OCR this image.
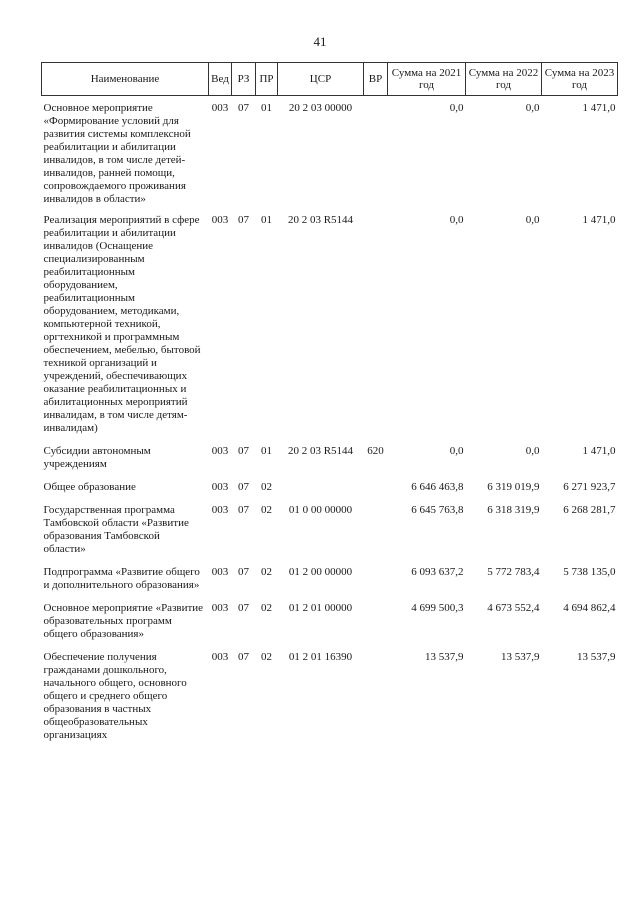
41
Наименование	Вед	РЗ	ПР	ЦСР	ВР	Сумма на 2021 год	Сумма на 2022 год	Сумма на 2023 год
Основное мероприятие «Формирование условий для развития системы комплексной реабилитации и абилитации инвалидов, в том числе детей-инвалидов, ранней помощи, сопровождаемого проживания инвалидов в области»	003	07	01	20 2 03 00000		0,0	0,0	1 471,0
Реализация мероприятий в сфере реабилитации и абилитации инвалидов (Оснащение специализированным реабилитационным оборудованием, реабилитационным оборудованием, методиками, компьютерной техникой, оргтехникой и программным обеспечением, мебелью, бытовой техникой организаций и учреждений, обеспечивающих оказание реабилитационных и абилитационных мероприятий инвалидам, в том числе детям-инвалидам)	003	07	01	20 2 03 R5144		0,0	0,0	1 471,0
Субсидии автономным учреждениям	003	07	01	20 2 03 R5144	620	0,0	0,0	1 471,0
Общее образование	003	07	02			6 646 463,8	6 319 019,9	6 271 923,7
Государственная программа Тамбовской области «Развитие образования Тамбовской области»	003	07	02	01 0 00 00000		6 645 763,8	6 318 319,9	6 268 281,7
Подпрограмма «Развитие общего и дополнительного образования»	003	07	02	01 2 00 00000		6 093 637,2	5 772 783,4	5 738 135,0
Основное мероприятие «Развитие образовательных программ общего образования»	003	07	02	01 2 01 00000		4 699 500,3	4 673 552,4	4 694 862,4
Обеспечение получения гражданами дошкольного, начального общего, основного общего и среднего общего образования в частных общеобразовательных организациях	003	07	02	01 2 01 16390		13 537,9	13 537,9	13 537,9
